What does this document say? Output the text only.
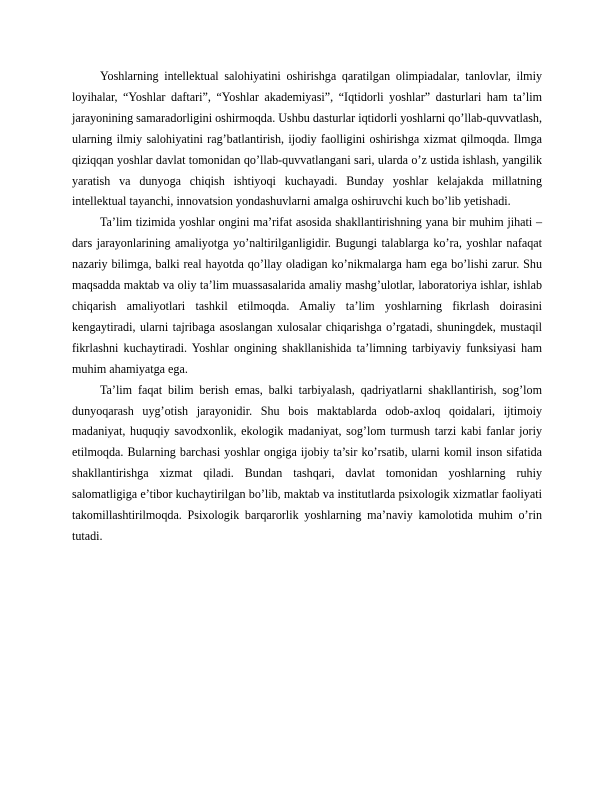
Yoshlarning intellektual salohiyatini oshirishga qaratilgan olimpiadalar, tanlovlar, ilmiy loyihalar, “Yoshlar daftari”, “Yoshlar akademiyasi”, “Iqtidorli yoshlar” dasturlari ham ta’lim jarayonining samaradorligini oshirmoqda. Ushbu dasturlar iqtidorli yoshlarni qo’llab-quvvatlash, ularning ilmiy salohiyatini rag’batlantirish, ijodiy faolligini oshirishga xizmat qilmoqda. Ilmga qiziqqan yoshlar davlat tomonidan qo’llab-quvvatlangani sari, ularda o’z ustida ishlash, yangilik yaratish va dunyoga chiqish ishtiyoqi kuchayadi. Bunday yoshlar kelajakda millatning intellektual tayanchi, innovatsion yondashuvlarni amalga oshiruvchi kuch bo’lib yetishadi.

Ta’lim tizimida yoshlar ongini ma’rifat asosida shakllantirishning yana bir muhim jihati – dars jarayonlarining amaliyotga yo’naltirilganligidir. Bugungi talablarga ko’ra, yoshlar nafaqat nazariy bilimga, balki real hayotda qo’llay oladigan ko’nikmalarga ham ega bo’lishi zarur. Shu maqsadda maktab va oliy ta’lim muassasalarida amaliy mashg’ulotlar, laboratoriya ishlar, ishlab chiqarish amaliyotlari tashkil etilmoqda. Amaliy ta’lim yoshlarning fikrlash doirasini kengaytiradi, ularni tajribaga asoslangan xulosalar chiqarishga o’rgatadi, shuningdek, mustaqil fikrlashni kuchaytiradi. Yoshlar ongining shakllanishida ta’limning tarbiyaviy funksiyasi ham muhim ahamiyatga ega.

Ta’lim faqat bilim berish emas, balki tarbiyalash, qadriyatlarni shakllantirish, sog’lom dunyoqarash uyg’otish jarayonidir. Shu bois maktablarda odob-axloq qoidalari, ijtimoiy madaniyat, huquqiy savodxonlik, ekologik madaniyat, sog’lom turmush tarzi kabi fanlar joriy etilmoqda. Bularning barchasi yoshlar ongiga ijobiy ta’sir ko’rsatib, ularni komil inson sifatida shakllantirishga xizmat qiladi. Bundan tashqari, davlat tomonidan yoshlarning ruhiy salomatligiga e’tibor kuchaytirilgan bo’lib, maktab va institutlarda psixologik xizmatlar faoliyati takomillashtirilmoqda. Psixologik barqarorlik yoshlarning ma’naviy kamolotida muhim o’rin tutadi.
